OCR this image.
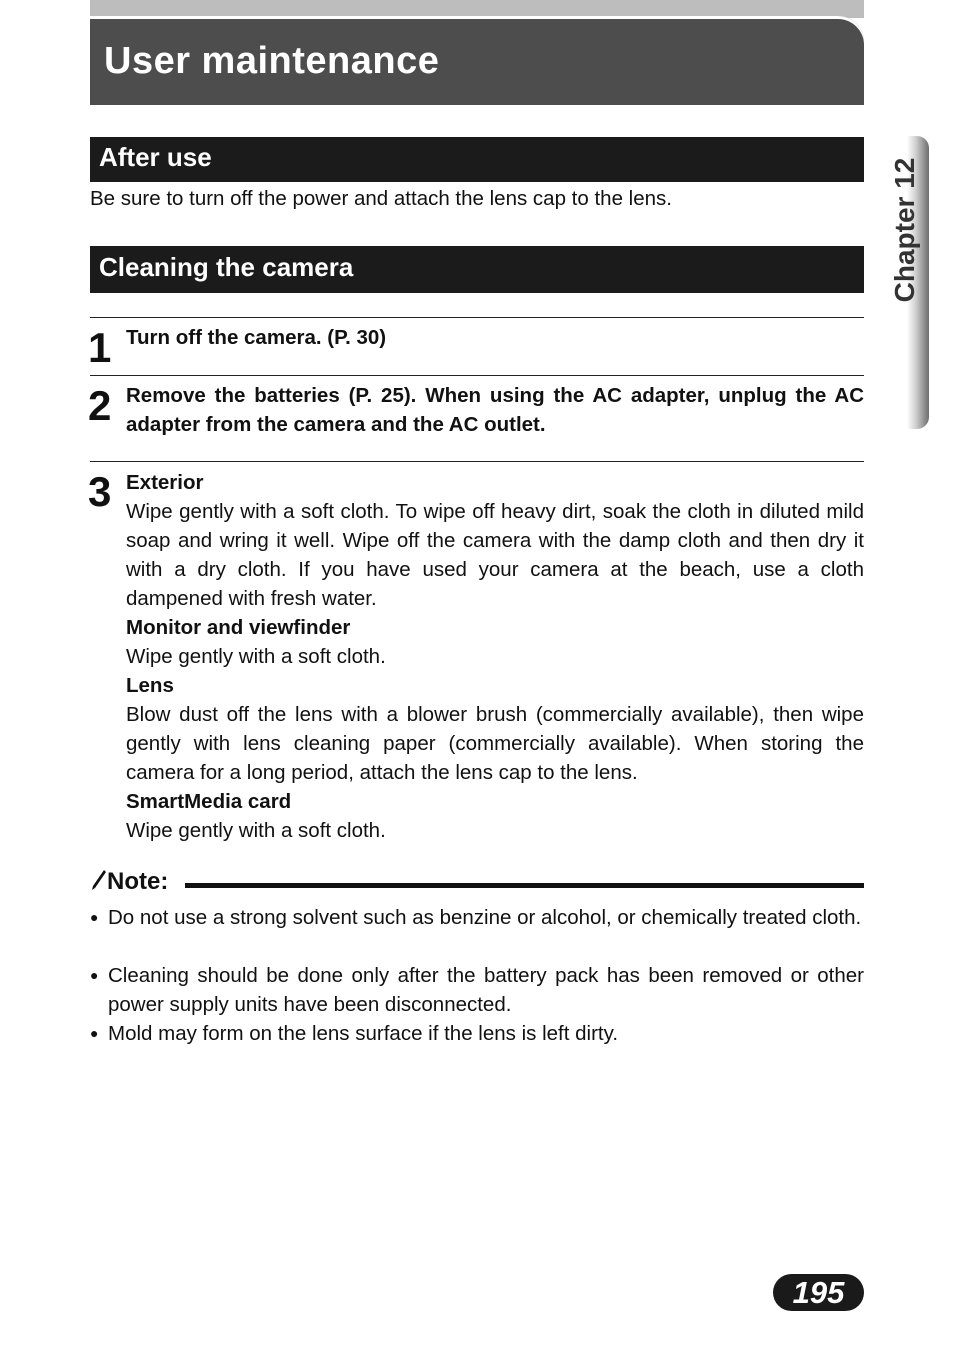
User maintenance
Chapter 12
After use
Be sure to turn off the power and attach the lens cap to the lens.
Cleaning the camera
1 Turn off the camera. (P. 30)
2 Remove the batteries (P. 25). When using the AC adapter, unplug the AC adapter from the camera and the AC outlet.
3 Exterior
Wipe gently with a soft cloth. To wipe off heavy dirt, soak the cloth in diluted mild soap and wring it well. Wipe off the camera with the damp cloth and then dry it with a dry cloth. If you have used your camera at the beach, use a cloth dampened with fresh water.
Monitor and viewfinder
Wipe gently with a soft cloth.
Lens
Blow dust off the lens with a blower brush (commercially available), then wipe gently with lens cleaning paper (commercially available). When storing the camera for a long period, attach the lens cap to the lens.
SmartMedia card
Wipe gently with a soft cloth.
Note:
● Do not use a strong solvent such as benzine or alcohol, or chemically treated cloth.
● Cleaning should be done only after the battery pack has been removed or other power supply units have been disconnected.
● Mold may form on the lens surface if the lens is left dirty.
195
